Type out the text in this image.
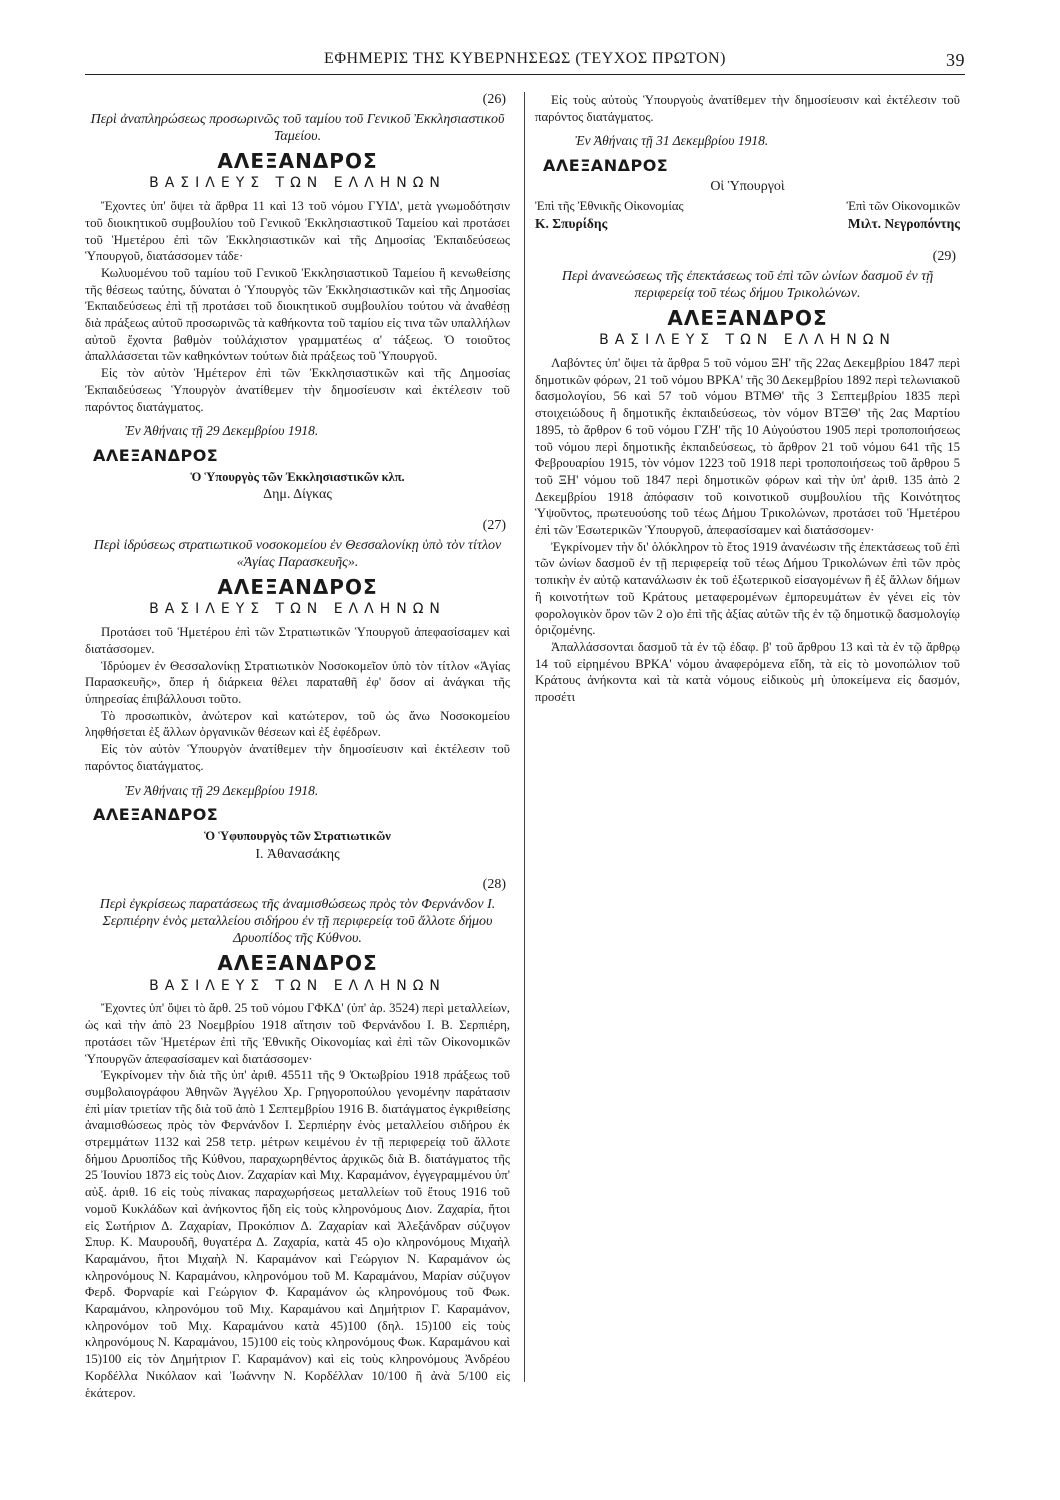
ΕΦΗΜΕΡΙΣ ΤΗΣ ΚΥΒΕΡΝΗΣΕΩΣ (ΤΕΥΧΟΣ ΠΡΩΤΟΝ)	39
(26)
Περὶ ἀναπληρώσεως προσωρινῶς τοῦ ταμίου τοῦ Γενικοῦ Ἐκκλησιαστικοῦ Ταμείου.
ΑΛΕΞΑΝΔΡΟΣ
ΒΑΣΙΛΕΥΣ ΤΩΝ ΕΛΛΗΝΩΝ

Ἔχοντες ὑπ' ὄψει τὰ ἄρθρα 11 καὶ 13 τοῦ νόμου ΓΥΙΔ', μετὰ γνωμοδότησιν τοῦ διοικητικοῦ συμβουλίου τοῦ Γενικοῦ Ἐκκλησιαστικοῦ Ταμείου καὶ προτάσει τοῦ Ἡμετέρου ἐπὶ τῶν Ἐκκλησιαστικῶν καὶ τῆς Δημοσίας Ἐκπαιδεύσεως Ὑπουργοῦ, διατάσσομεν τάδε·

Κωλυομένου τοῦ ταμίου τοῦ Γενικοῦ Ἐκκλησιαστικοῦ Ταμείου ἢ κενωθείσης τῆς θέσεως ταύτης, δύναται ὁ Ὑπουργὸς τῶν Ἐκκλησιαστικῶν καὶ τῆς Δημοσίας Ἐκπαιδεύσεως ἐπὶ τῇ προτάσει τοῦ διοικητικοῦ συμβουλίου τούτου νὰ ἀναθέσῃ διὰ πράξεως αὐτοῦ προσωρινῶς τὰ καθήκοντα τοῦ ταμίου εἰς τινα τῶν υπαλλήλων αὐτοῦ ἔχοντα βαθμὸν τοὐλάχιστον γραμματέως α' τάξεως. Ὁ τοιοῦτος ἀπαλλάσσεται τῶν καθηκόντων τούτων διὰ πράξεως τοῦ Ὑπουργοῦ.

Εἰς τὸν αὐτὸν Ἡμέτερον ἐπὶ τῶν Ἐκκλησιαστικῶν καὶ τῆς Δημοσίας Ἐκπαιδεύσεως Ὑπουργὸν ἀνατίθεμεν τὴν δημοσίευσιν καὶ ἐκτέλεσιν τοῦ παρόντος διατάγματος.

Ἐν Ἀθήναις τῇ 29 Δεκεμβρίου 1918.
ΑΛΕΞΑΝΔΡΟΣ
Ὁ Ὑπουργὸς τῶν Ἐκκλησιαστικῶν κλπ.
Δημ. Δίγκας
(27)
Περὶ ἱδρύσεως στρατιωτικοῦ νοσοκομείου ἐν Θεσσαλονίκῃ ὑπὸ τὸν τίτλον «Ἁγίας Παρασκευῆς».
ΑΛΕΞΑΝΔΡΟΣ
ΒΑΣΙΛΕΥΣ ΤΩΝ ΕΛΛΗΝΩΝ

Προτάσει τοῦ Ἡμετέρου ἐπὶ τῶν Στρατιωτικῶν Ὑπουργοῦ ἀπεφασίσαμεν καὶ διατάσσομεν.

Ἱδρύομεν ἐν Θεσσαλονίκῃ Στρατιωτικὸν Νοσοκομεῖον ὑπὸ τὸν τίτλον «Ἁγίας Παρασκευῆς», ὅπερ ἡ διάρκεια θέλει παραταθῆ ἐφ' ὅσον αἱ ἀνάγκαι τῆς ὑπηρεσίας ἐπιβάλλουσι τοῦτο.

Τὸ προσωπικὸν, ἀνώτερον καὶ κατώτερον, τοῦ ὡς ἄνω Νοσοκομείου ληφθήσεται ἐξ ἄλλων ὀργανικῶν θέσεων καὶ ἐξ ἐφέδρων.

Εἰς τὸν αὐτὸν Ὑπουργὸν ἀνατίθεμεν τὴν δημοσίευσιν καὶ ἐκτέλεσιν τοῦ παρόντος διατάγματος.

Ἐν Ἀθήναις τῇ 29 Δεκεμβρίου 1918.
ΑΛΕΞΑΝΔΡΟΣ
Ὁ Ὑφυπουργὸς τῶν Στρατιωτικῶν
Ι. Ἀθανασάκης
(28)
Περὶ ἐγκρίσεως παρατάσεως τῆς ἀναμισθώσεως πρὸς τὸν Φερνάνδον Ι. Σερπιέρην ἑνὸς μεταλλείου σιδήρου ἐν τῇ περιφερείᾳ τοῦ ἄλλοτε δήμου Δρυοπίδος τῆς Κύθνου.
ΑΛΕΞΑΝΔΡΟΣ
ΒΑΣΙΛΕΥΣ ΤΩΝ ΕΛΛΗΝΩΝ

Ἔχοντες ὑπ' ὄψει τὸ ἄρθ. 25 τοῦ νόμου ΓΦΚΔ' (ὑπ' ἀρ. 3524) περὶ μεταλλείων, ὡς καὶ τὴν ἀπὸ 23 Νοεμβρίου 1918 αἴτησιν τοῦ Φερνάνδου Ι. Β. Σερπιέρη, προτάσει τῶν Ἡμετέρων ἐπὶ τῆς Ἐθνικῆς Οἰκονομίας καὶ ἐπὶ τῶν Οἰκονομικῶν Ὑπουργῶν ἀπεφασίσαμεν καὶ διατάσσομεν·

Ἐγκρίνομεν τὴν διὰ τῆς ὑπ' ἀριθ. 45511 τῆς 9 Ὀκτωβρίου 1918 πράξεως τοῦ συμβολαιογράφου Ἀθηνῶν Ἀγγέλου Χρ. Γρηγοροπούλου γενομένην παράτασιν ἐπὶ μίαν τριετίαν τῆς διὰ τοῦ ἀπὸ 1 Σεπτεμβρίου 1916 Β. διατάγματος ἐγκριθείσης ἀναμισθώσεως πρὸς τὸν Φερνάνδον Ι. Σερπιέρην ἑνὸς μεταλλείου σιδήρου ἐκ στρεμμάτων 1132 καὶ 258 τετρ. μέτρων κειμένου ἐν τῇ περιφερείᾳ τοῦ ἄλλοτε δήμου Δρυοπίδος τῆς Κύθνου, παραχωρηθέντος ἀρχικῶς διὰ Β. διατάγματος τῆς 25 Ἰουνίου 1873 εἰς τοὺς Διον. Ζαχαρίαν καὶ Μιχ. Καραμάνον, ἐγγεγραμμένου ὑπ' αὐξ. ἀριθ. 16 εἰς τοὺς πίνακας παραχωρήσεως μεταλλείων τοῦ ἔτους 1916 τοῦ νομοῦ Κυκλάδων καὶ ἀνήκοντος ἤδη εἰς τοὺς κληρονόμους Διον. Ζαχαρία, ἤτοι εἰς Σωτήριον Δ. Ζαχαρίαν, Προκόπιον Δ. Ζαχαρίαν καὶ Ἀλεξάνδραν σύζυγον Σπυρ. Κ. Μαυρουδῆ, θυγατέρα Δ. Ζαχαρία, κατὰ 45 ο)ο κληρονόμους Μιχαὴλ Καραμάνου, ἤτοι Μιχαὴλ Ν. Καραμάνον καὶ Γεώργιον Ν. Καραμάνον ὡς κληρονόμους Ν. Καραμάνου, κληρονόμου τοῦ Μ. Καραμάνου, Μαρίαν σύζυγον Φερδ. Φορναρίε καὶ Γεώργιον Φ. Καραμάνον ὡς κληρονόμους τοῦ Φωκ. Καραμάνου, κληρονόμου τοῦ Μιχ. Καραμάνου καὶ Δημήτριον Γ. Καραμάνον, κληρονόμον τοῦ Μιχ. Καραμάνου κατὰ 45)100 (δηλ. 15)100 εἰς τοὺς κληρονόμους Ν. Καραμάνου, 15)100 εἰς τοὺς κληρονόμους Φωκ. Καραμάνου καὶ 15)100 εἰς τὸν Δημήτριον Γ. Καραμάνον) καὶ εἰς τοὺς κληρονόμους Ἀνδρέου Κορδέλλα Νικόλαον καὶ Ἰωάννην Ν. Κορδέλλαν 10/100 ἢ ἀνὰ 5/100 εἰς ἑκάτερον.

Εἰς τοὺς αὐτοὺς Ὑπουργοὺς ἀνατίθεμεν τὴν δημοσίευσιν καὶ ἐκτέλεσιν τοῦ παρόντος διατάγματος.

Ἐν Ἀθήναις τῇ 31 Δεκεμβρίου 1918.
ΑΛΕΞΑΝΔΡΟΣ
Οἱ Ὑπουργοὶ
Ἐπὶ τῆς Ἐθνικῆς Οἰκονομίας	Ἐπὶ τῶν Οἰκονομικῶν
Κ. Σπυρίδης	Μιλτ. Νεγροπόντης
(29)
Περὶ ἀνανεώσεως τῆς ἐπεκτάσεως τοῦ ἐπὶ τῶν ὠνίων δασμοῦ ἐν τῇ περιφερείᾳ τοῦ τέως δήμου Τρικολώνων.
ΑΛΕΞΑΝΔΡΟΣ
ΒΑΣΙΛΕΥΣ ΤΩΝ ΕΛΛΗΝΩΝ

Λαβόντες ὑπ' ὄψει τὰ ἄρθρα 5 τοῦ νόμου ΞΗ' τῆς 22ας Δεκεμβρίου 1847 περὶ δημοτικῶν φόρων, 21 τοῦ νόμου ΒΡΚΑ' τῆς 30 Δεκεμβρίου 1892 περὶ τελωνιακοῦ δασμολογίου, 56 καὶ 57 τοῦ νόμου ΒΤΜΘ' τῆς 3 Σεπτεμβρίου 1835 περὶ στοιχειώδους ἢ δημοτικῆς ἐκπαιδεύσεως, τὸν νόμον ΒΤΞΘ' τῆς 2ας Μαρτίου 1895, τὸ ἄρθρον 6 τοῦ νόμου ΓΖΗ' τῆς 10 Αὐγούστου 1905 περὶ τροποποιήσεως τοῦ νόμου περὶ δημοτικῆς ἐκπαιδεύσεως, τὸ ἄρθρον 21 τοῦ νόμου 641 τῆς 15 Φεβρουαρίου 1915, τὸν νόμον 1223 τοῦ 1918 περὶ τροποποιήσεως τοῦ ἄρθρου 5 τοῦ ΞΗ' νόμου τοῦ 1847 περὶ δημοτικῶν φόρων καὶ τὴν ὑπ' ἀριθ. 135 ἀπὸ 2 Δεκεμβρίου 1918 ἀπόφασιν τοῦ κοινοτικοῦ συμβουλίου τῆς Κοινότητος Ὑψοῦντος, πρωτευούσης τοῦ τέως Δήμου Τρικολώνων, προτάσει τοῦ Ἡμετέρου ἐπὶ τῶν Ἐσωτερικῶν Ὑπουργοῦ, ἀπεφασίσαμεν καὶ διατάσσομεν·

Ἐγκρίνομεν τὴν δι' ὁλόκληρον τὸ ἔτος 1919 ἀνανέωσιν τῆς ἐπεκτάσεως τοῦ ἐπὶ τῶν ὠνίων δασμοῦ ἐν τῇ περιφερείᾳ τοῦ τέως Δήμου Τρικολώνων ἐπὶ τῶν πρὸς τοπικὴν ἐν αὐτῷ κατανάλωσιν ἐκ τοῦ ἐξωτερικοῦ εἰσαγομένων ἢ ἐξ ἄλλων δήμων ἢ κοινοτήτων τοῦ Κράτους μεταφερομένων ἐμπορευμάτων ἐν γένει εἰς τὸν φορολογικὸν ὅρον τῶν 2 ο)ο ἐπὶ τῆς ἀξίας αὐτῶν τῆς ἐν τῷ δημοτικῷ δασμολογίῳ ὁριζομένης.

Ἀπαλλάσσονται δασμοῦ τὰ ἐν τῷ ἐδαφ. β' τοῦ ἄρθρου 13 καὶ τὰ ἐν τῷ ἄρθρῳ 14 τοῦ εἰρημένου ΒΡΚΑ' νόμου ἀναφερόμενα εἴδη, τὰ εἰς τὸ μονοπώλιον τοῦ Κράτους ἀνήκοντα καὶ τὰ κατὰ νόμους εἰδικοὺς μὴ ὑποκείμενα εἰς δασμόν, προσέτι
